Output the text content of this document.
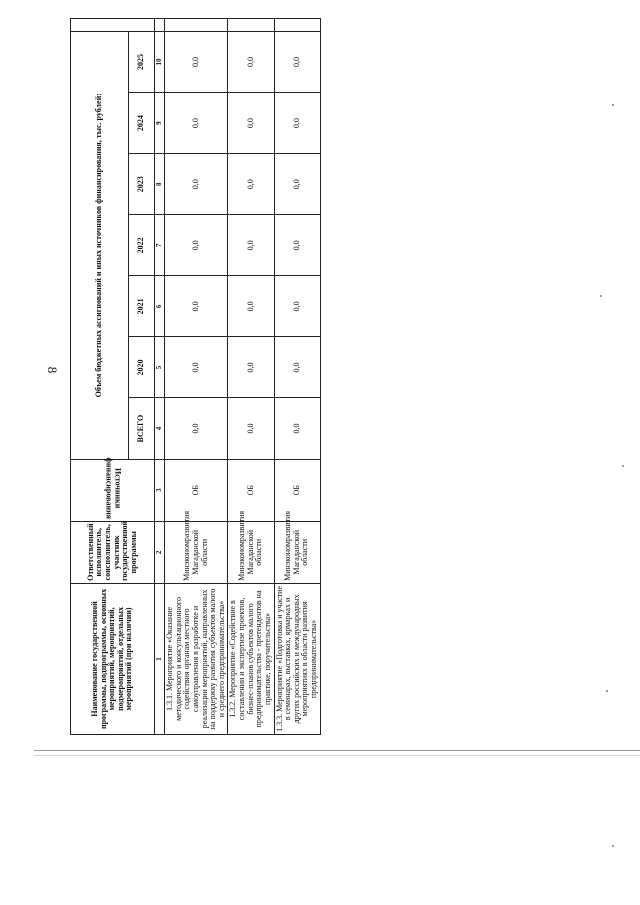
8
Наименование государственной программы, подпрограммы, основных мероприятий, мероприятий, подмероприятий, отдельных мероприятий (при наличии)	Ответственный исполнитель, соисполнитель, участник государственной программы	Источники финансирования	Объем бюджетных ассигнований и иных источников финансирования, тыс. рублей:							
			ВСЕГО	2020	2021	2022	2023	2024	2025	
1	2	3	4	5	6	7	8	9	10	
1.3.1. Мероприятие «Оказание методического и консультационного содействия органам местного самоуправления в разработке и реализации мероприятий, направленных на поддержку развития субъектов малого и среднего предпринимательства»	Минэкономразвития Магаданской области	ОБ	0,0	0,0	0,0	0,0	0,0	0,0	0,0	
1.3.2. Мероприятие «Содействие в составлении и экспертизе проектов, бизнес-планов субъектов малого предпринимательства - претендентов на практике, поручительства»	Минэкономразвития Магаданской области	ОБ	0,0	0,0	0,0	0,0	0,0	0,0	0,0	
1.3.3. Мероприятие «Подготовка и участие в семинарах, выставках, ярмарках и других российских и международных мероприятиях в области развития предпринимательства»	Минэкономразвития Магаданской области	ОБ	0,0	0,0	0,0	0,0	0,0	0,0	0,0	
